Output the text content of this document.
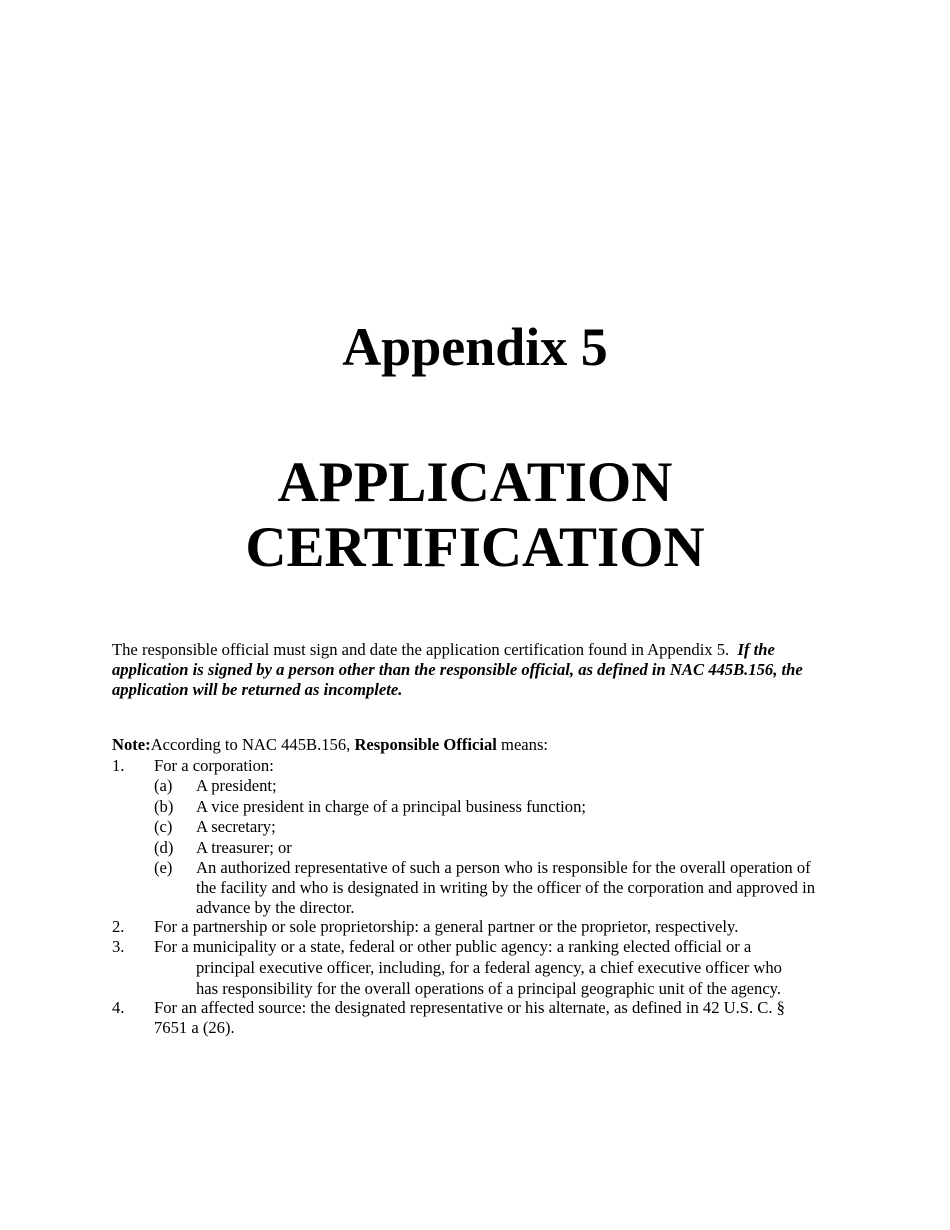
Appendix 5
APPLICATION
CERTIFICATION
The responsible official must sign and date the application certification found in Appendix 5. If the
application is signed by a person other than the responsible official, as defined in NAC 445B.156, the
application will be returned as incomplete.
Note:According to NAC 445B.156, Responsible Official means:
1. For a corporation:
(a) A president;
(b) A vice president in charge of a principal business function;
(c) A secretary;
(d) A treasurer; or
(e) An authorized representative of such a person who is responsible for the overall operation of
the facility and who is designated in writing by the officer of the corporation and approved in
advance by the director.
2. For a partnership or sole proprietorship: a general partner or the proprietor, respectively.
3. For a municipality or a state, federal or other public agency: a ranking elected official or a
principal executive officer, including, for a federal agency, a chief executive officer who
has responsibility for the overall operations of a principal geographic unit of the agency.
4. For an affected source: the designated representative or his alternate, as defined in 42 U.S. C. §
7651 a (26).
